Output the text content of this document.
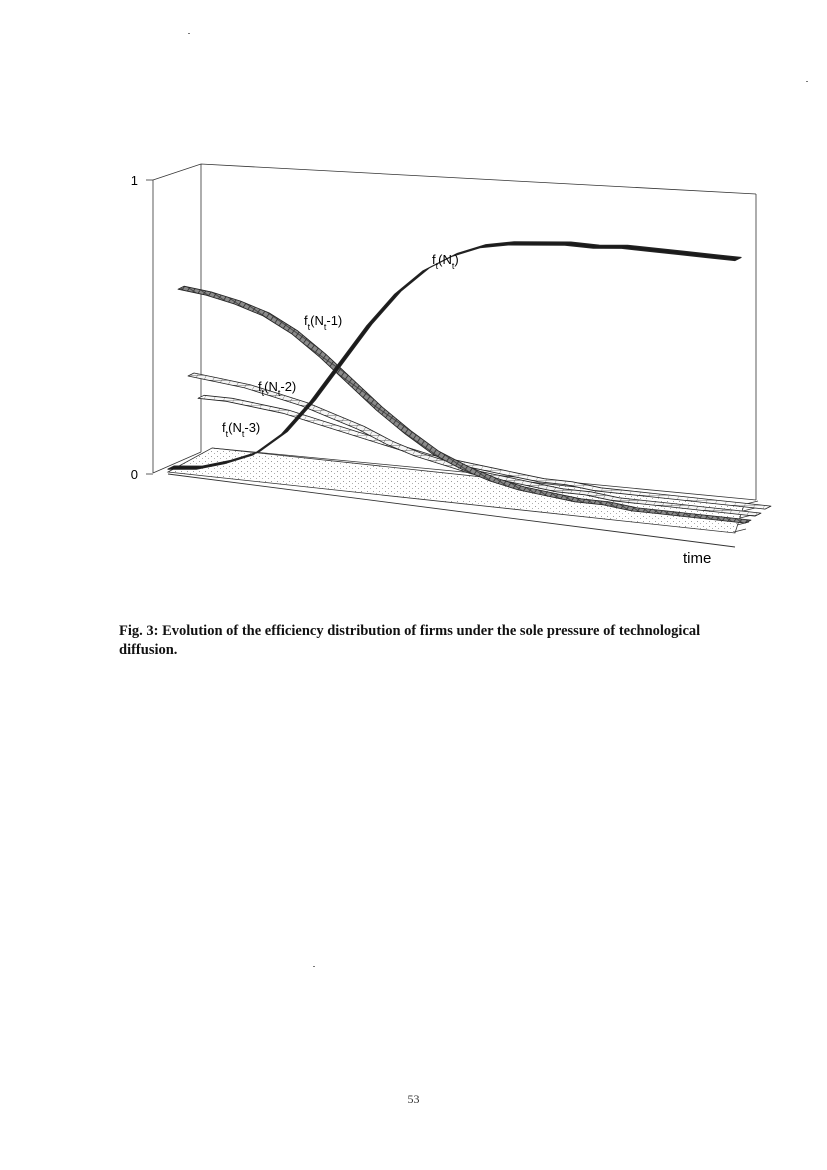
0
1
$f_t(N_t)$
$f_t(N_t-1)$
$f_t(N_t-2)$
$f_t(N_t-3)$
time
Fig. 3: Evolution of the efficiency distribution of firms under the sole pressure of technological diffusion.
53
